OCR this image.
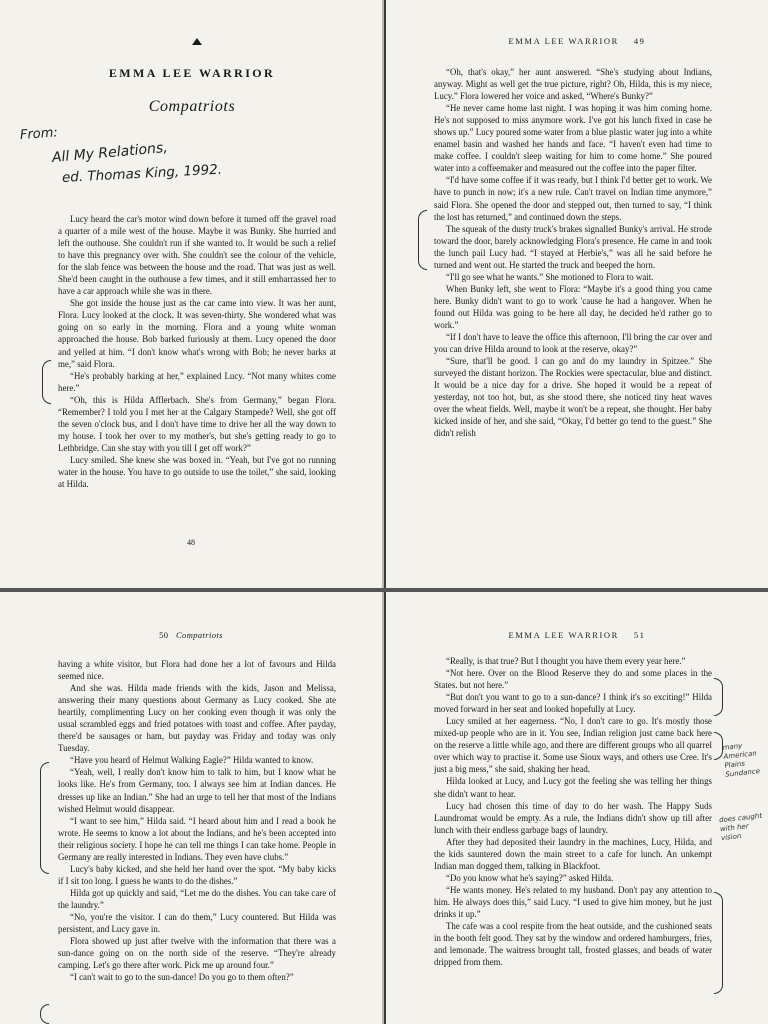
EMMA LEE WARRIOR
Compatriots
From:
All My Relations,
ed. Thomas King, 1992.

Lucy heard the car's motor wind down before it turned off the gravel road a quarter of a mile west of the house. Maybe it was Bunky. She hurried and left the outhouse. She couldn't run if she wanted to. It would be such a relief to have this pregnancy over with. She couldn't see the colour of the vehicle, for the slab fence was between the house and the road. That was just as well. She'd been caught in the outhouse a few times, and it still embarrassed her to have a car approach while she was in there.

She got inside the house just as the car came into view. It was her aunt, Flora. Lucy looked at the clock. It was seven-thirty. She wondered what was going on so early in the morning. Flora and a young white woman approached the house. Bob barked furiously at them. Lucy opened the door and yelled at him. “I don't know what's wrong with Bob; he never barks at me,” said Flora.

“He's probably barking at her,” explained Lucy. “Not many whites come here.”

“Oh, this is Hilda Afflerbach. She's from Germany,” began Flora. “Remember? I told you I met her at the Calgary Stampede? Well, she got off the seven o'clock bus, and I don't have time to drive her all the way down to my house. I took her over to my mother's, but she's getting ready to go to Lethbridge. Can she stay with you till I get off work?”

Lucy smiled. She knew she was boxed in. “Yeah, but I've got no running water in the house. You have to go outside to use the toilet,” she said, looking at Hilda.

48
EMMA LEE WARRIOR 49

“Oh, that's okay,” her aunt answered. “She's studying about Indians, anyway. Might as well get the true picture, right? Oh, Hilda, this is my niece, Lucy.” Flora lowered her voice and asked, “Where's Bunky?”

“He never came home last night. I was hoping it was him coming home. He's not supposed to miss anymore work. I've got his lunch fixed in case he shows up.” Lucy poured some water from a blue plastic water jug into a white enamel basin and washed her hands and face. “I haven't even had time to make coffee. I couldn't sleep waiting for him to come home.” She poured water into a coffeemaker and measured out the coffee into the paper filter.

“I'd have some coffee if it was ready, but I think I'd better get to work. We have to punch in now; it's a new rule. Can't travel on Indian time anymore,” said Flora. She opened the door and stepped out, then turned to say, “I think the lost has returned,” and continued down the steps.

The squeak of the dusty truck's brakes signalled Bunky's arrival. He strode toward the door, barely acknowledging Flora's presence. He came in and took the lunch pail Lucy had. “I stayed at Herbie's,” was all he said before he turned and went out. He started the truck and beeped the horn.

“I'll go see what he wants.” She motioned to Flora to wait.

When Bunky left, she went to Flora: “Maybe it's a good thing you came here. Bunky didn't want to go to work 'cause he had a hangover. When he found out Hilda was going to be here all day, he decided he'd rather go to work.”

“If I don't have to leave the office this afternoon, I'll bring the car over and you can drive Hilda around to look at the reserve, okay?”

“Sure, that'll be good. I can go and do my laundry in Spitzee.” She surveyed the distant horizon. The Rockies were spectacular, blue and distinct. It would be a nice day for a drive. She hoped it would be a repeat of yesterday, not too hot, but, as she stood there, she noticed tiny heat waves over the wheat fields. Well, maybe it won't be a repeat, she thought. Her baby kicked inside of her, and she said, “Okay, I'd better go tend to the guest.” She didn't relish

50 Compatriots

having a white visitor, but Flora had done her a lot of favours and Hilda seemed nice.

And she was. Hilda made friends with the kids, Jason and Melissa, answering their many questions about Germany as Lucy cooked. She ate heartily, complimenting Lucy on her cooking even though it was only the usual scrambled eggs and fried potatoes with toast and coffee. After payday, there'd be sausages or ham, but payday was Friday and today was only Tuesday.

“Have you heard of Helmut Walking Eagle?” Hilda wanted to know.

“Yeah, well, I really don't know him to talk to him, but I know what he looks like. He's from Germany, too. I always see him at Indian dances. He dresses up like an Indian.” She had an urge to tell her that most of the Indians wished Helmut would disappear.

“I want to see him,” Hilda said. “I heard about him and I read a book he wrote. He seems to know a lot about the Indians, and he's been accepted into their religious society. I hope he can tell me things I can take home. People in Germany are really interested in Indians. They even have clubs.”

Lucy's baby kicked, and she held her hand over the spot. “My baby kicks if I sit too long. I guess he wants to do the dishes.”

Hilda got up quickly and said, “Let me do the dishes. You can take care of the laundry.”

“No, you're the visitor. I can do them,” Lucy countered. But Hilda was persistent, and Lucy gave in.

Flora showed up just after twelve with the information that there was a sun-dance going on on the north side of the reserve. “They're already camping. Let's go there after work. Pick me up around four.”

“I can't wait to go to the sun-dance! Do you go to them often?”

EMMA LEE WARRIOR 51

“Really, is that true? But I thought you have them every year here.”

“Not here. Over on the Blood Reserve they do and some places in the States. but not here.”

“But don't you want to go to a sun-dance? I think it's so exciting!” Hilda moved forward in her seat and looked hopefully at Lucy.

Lucy smiled at her eagerness. “No, I don't care to go. It's mostly those mixed-up people who are in it. You see, Indian religion just came back here on the reserve a little while ago, and there are different groups who all quarrel over which way to practise it. Some use Sioux ways, and others use Cree. It's just a big mess,” she said, shaking her head.

Hilda looked at Lucy, and Lucy got the feeling she was telling her things she didn't want to hear.

Lucy had chosen this time of day to do her wash. The Happy Suds Laundromat would be empty. As a rule, the Indians didn't show up till after lunch with their endless garbage bags of laundry.

After they had deposited their laundry in the machines, Lucy, Hilda, and the kids sauntered down the main street to a cafe for lunch. An unkempt Indian man dogged them, talking in Blackfoot.

“Do you know what he's saying?” asked Hilda.

“He wants money. He's related to my husband. Don't pay any attention to him. He always does this,” said Lucy. “I used to give him money, but he just drinks it up.”

The cafe was a cool respite from the heat outside, and the cushioned seats in the booth felt good. They sat by the window and ordered hamburgers, fries, and lemonade. The waitress brought tall, frosted glasses, and beads of water dripped from them.

many
American
Plains
Sundance
does caught
with her
vision
